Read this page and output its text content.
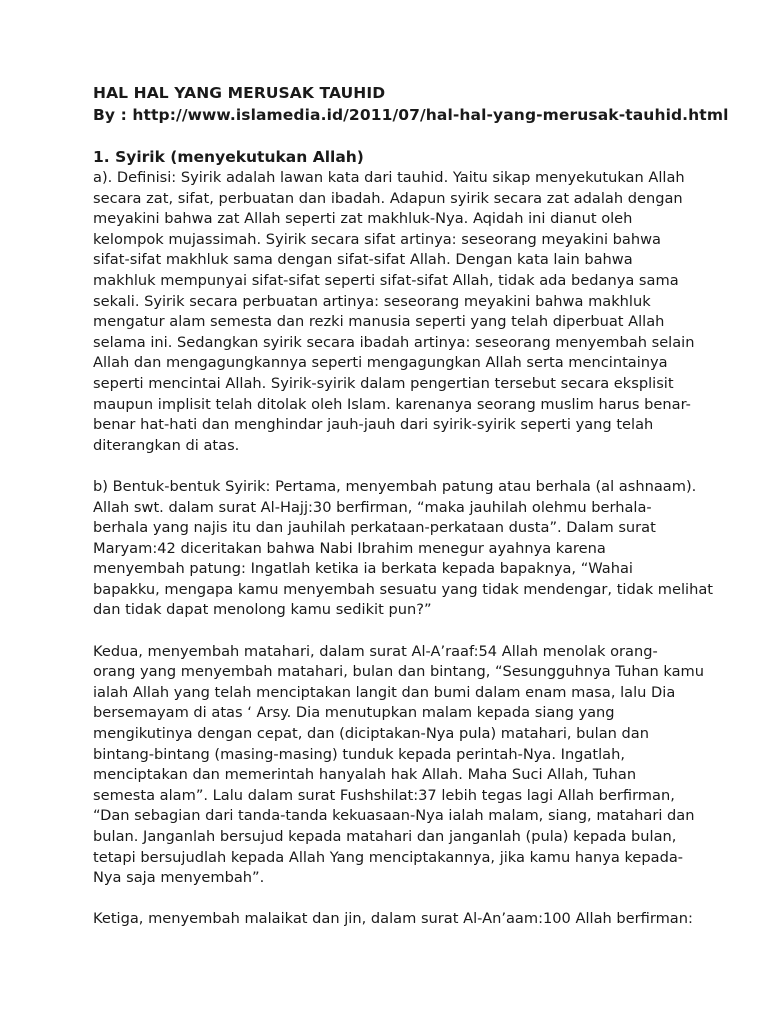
HAL HAL YANG MERUSAK TAUHID
By : http://www.islamedia.id/2011/07/hal-hal-yang-merusak-tauhid.html
1. Syirik (menyekutukan Allah)

a). Definisi: Syirik adalah lawan kata dari tauhid. Yaitu sikap menyekutukan Allah
secara zat, sifat, perbuatan dan ibadah. Adapun syirik secara zat adalah dengan
meyakini bahwa zat Allah seperti zat makhluk-Nya. Aqidah ini dianut oleh
kelompok mujassimah. Syirik secara sifat artinya: seseorang meyakini bahwa
sifat-sifat makhluk sama dengan sifat-sifat Allah. Dengan kata lain bahwa
makhluk mempunyai sifat-sifat seperti sifat-sifat Allah, tidak ada bedanya sama
sekali. Syirik secara perbuatan artinya: seseorang meyakini bahwa makhluk
mengatur alam semesta dan rezki manusia seperti yang telah diperbuat Allah
selama ini. Sedangkan syirik secara ibadah artinya: seseorang menyembah selain
Allah dan mengagungkannya seperti mengagungkan Allah serta mencintainya
seperti mencintai Allah. Syirik-syirik dalam pengertian tersebut secara eksplisit
maupun implisit telah ditolak oleh Islam. karenanya seorang muslim harus benar-
benar hat-hati dan menghindar jauh-jauh dari syirik-syirik seperti yang telah
diterangkan di atas.

b) Bentuk-bentuk Syirik: Pertama, menyembah patung atau berhala (al ashnaam).
Allah swt. dalam surat Al-Hajj:30 berfirman, “maka jauhilah olehmu berhala-
berhala yang najis itu dan jauhilah perkataan-perkataan dusta”. Dalam surat
Maryam:42 diceritakan bahwa Nabi Ibrahim menegur ayahnya karena
menyembah patung: Ingatlah ketika ia berkata kepada bapaknya, “Wahai
bapakku, mengapa kamu menyembah sesuatu yang tidak mendengar, tidak melihat
dan tidak dapat menolong kamu sedikit pun?”

Kedua, menyembah matahari, dalam surat Al-A’raaf:54 Allah menolak orang-
orang yang menyembah matahari, bulan dan bintang, “Sesungguhnya Tuhan kamu
ialah Allah yang telah menciptakan langit dan bumi dalam enam masa, lalu Dia
bersemayam di atas ‘ Arsy. Dia menutupkan malam kepada siang yang
mengikutinya dengan cepat, dan (diciptakan-Nya pula) matahari, bulan dan
bintang-bintang (masing-masing) tunduk kepada perintah-Nya. Ingatlah,
menciptakan dan memerintah hanyalah hak Allah. Maha Suci Allah, Tuhan
semesta alam”. Lalu dalam surat Fushshilat:37 lebih tegas lagi Allah berfirman,
“Dan sebagian dari tanda-tanda kekuasaan-Nya ialah malam, siang, matahari dan
bulan. Janganlah bersujud kepada matahari dan janganlah (pula) kepada bulan,
tetapi bersujudlah kepada Allah Yang menciptakannya, jika kamu hanya kepada-
Nya saja menyembah”.

Ketiga, menyembah malaikat dan jin, dalam surat Al-An’aam:100 Allah berfirman:
